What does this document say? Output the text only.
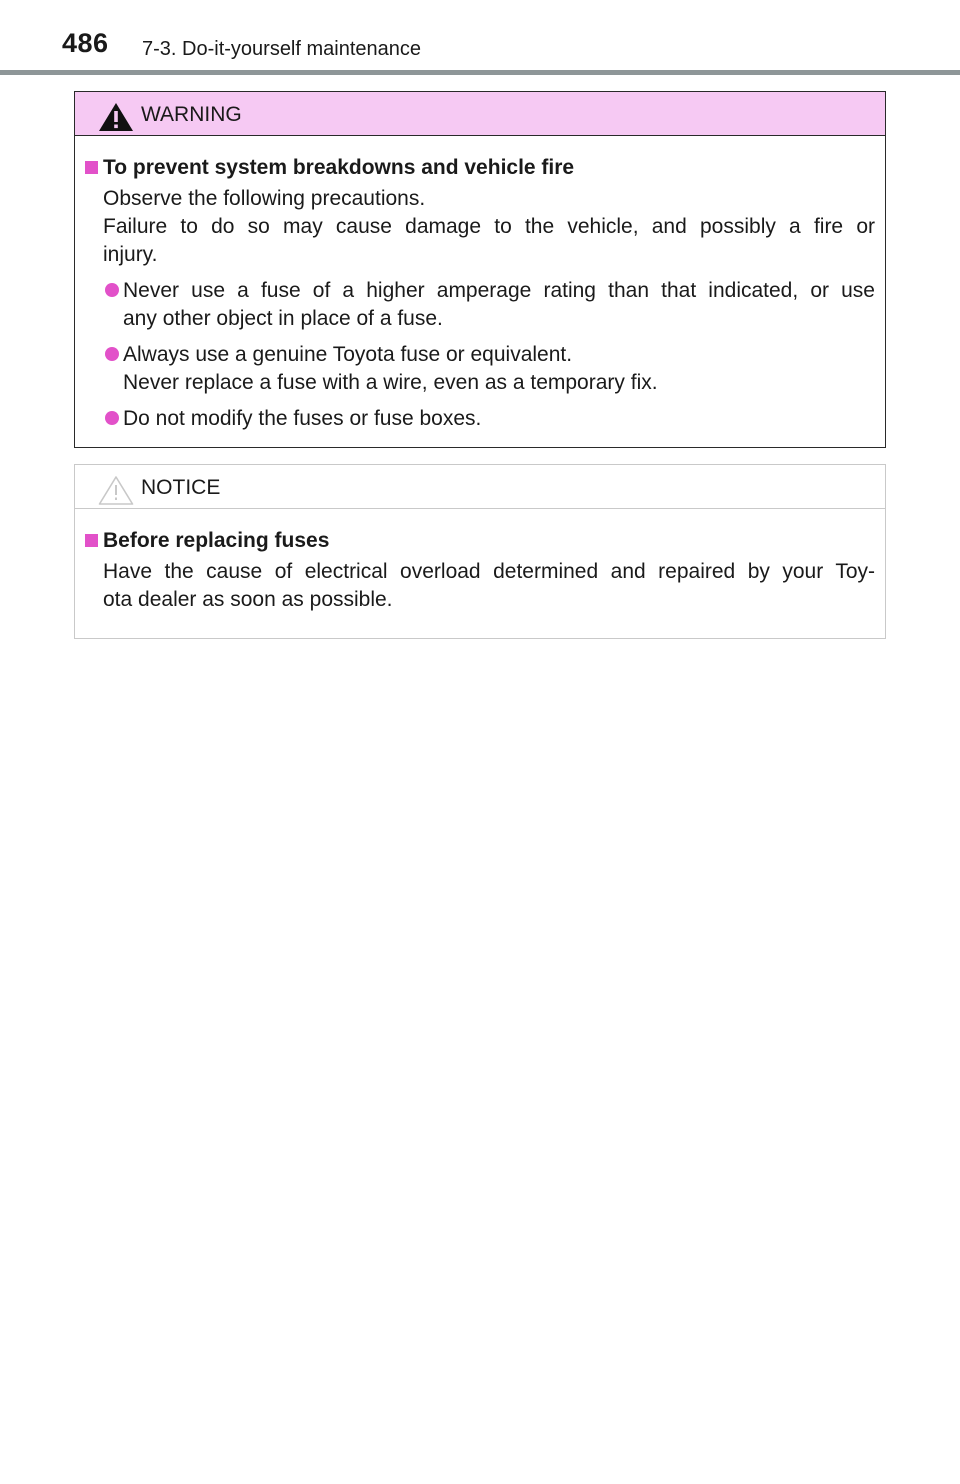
486 7-3. Do-it-yourself maintenance
WARNING
To prevent system breakdowns and vehicle fire
Observe the following precautions.
Failure to do so may cause damage to the vehicle, and possibly a fire or
injury.
Never use a fuse of a higher amperage rating than that indicated, or use
any other object in place of a fuse.
Always use a genuine Toyota fuse or equivalent.
Never replace a fuse with a wire, even as a temporary fix.
Do not modify the fuses or fuse boxes.
NOTICE
Before replacing fuses
Have the cause of electrical overload determined and repaired by your Toy-
ota dealer as soon as possible.
